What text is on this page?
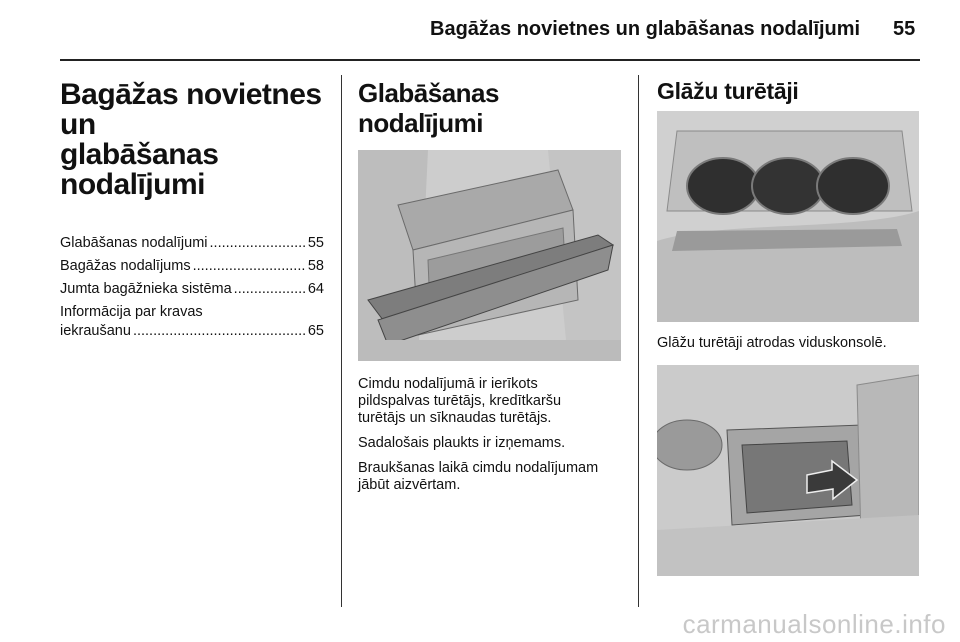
Bagāžas novietnes un glabāšanas nodalījumi 55
Bagāžas novietnes un
glabāšanas
nodalījumi
Glabāšanas nodalījumi .....	55
Bagāžas nodalījums .....	58
Jumta bagāžnieka sistēma .....	64
Informācija par kravas
iekraušanu .....	65
Glabāšanas nodalījumi

Cimdu nodalījumā ir ierīkots
pildspalvas turētājs, kredītkaršu
turētājs un sīknaudas turētājs.

Sadalošais plaukts ir izņemams.

Braukšanas laikā cimdu nodalījumam
jābūt aizvērtam.

Glāžu turētāji

Glāžu turētāji atrodas viduskonsolē.

carmanualsonline.info
